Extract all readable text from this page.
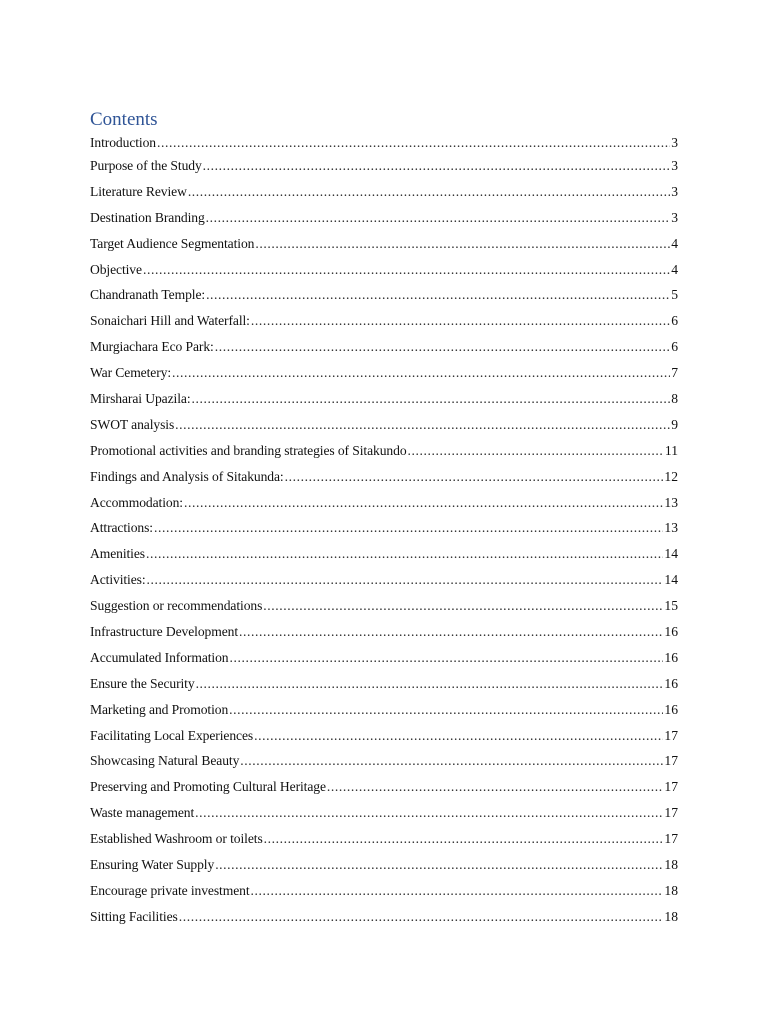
Contents
Introduction .....	3
Purpose of the Study .....	3
Literature Review .....	3
Destination Branding .....	3
Target Audience Segmentation .....	4
Objective .....	4
Chandranath Temple: .....	5
Sonaichari Hill and Waterfall: .....	6
Murgiachara Eco Park: .....	6
War Cemetery: .....	7
Mirsharai Upazila: .....	8
SWOT analysis .....	9
Promotional activities and branding strategies of Sitakundo .....	11
Findings and Analysis of Sitakunda: .....	12
Accommodation: .....	13
Attractions: .....	13
Amenities .....	14
Activities: .....	14
Suggestion or recommendations .....	15
Infrastructure Development .....	16
Accumulated Information .....	16
Ensure the Security .....	16
Marketing and Promotion .....	16
Facilitating Local Experiences .....	17
Showcasing Natural Beauty .....	17
Preserving and Promoting Cultural Heritage .....	17
Waste management .....	17
Established Washroom or toilets .....	17
Ensuring Water Supply .....	18
Encourage private investment .....	18
Sitting Facilities .....	18
